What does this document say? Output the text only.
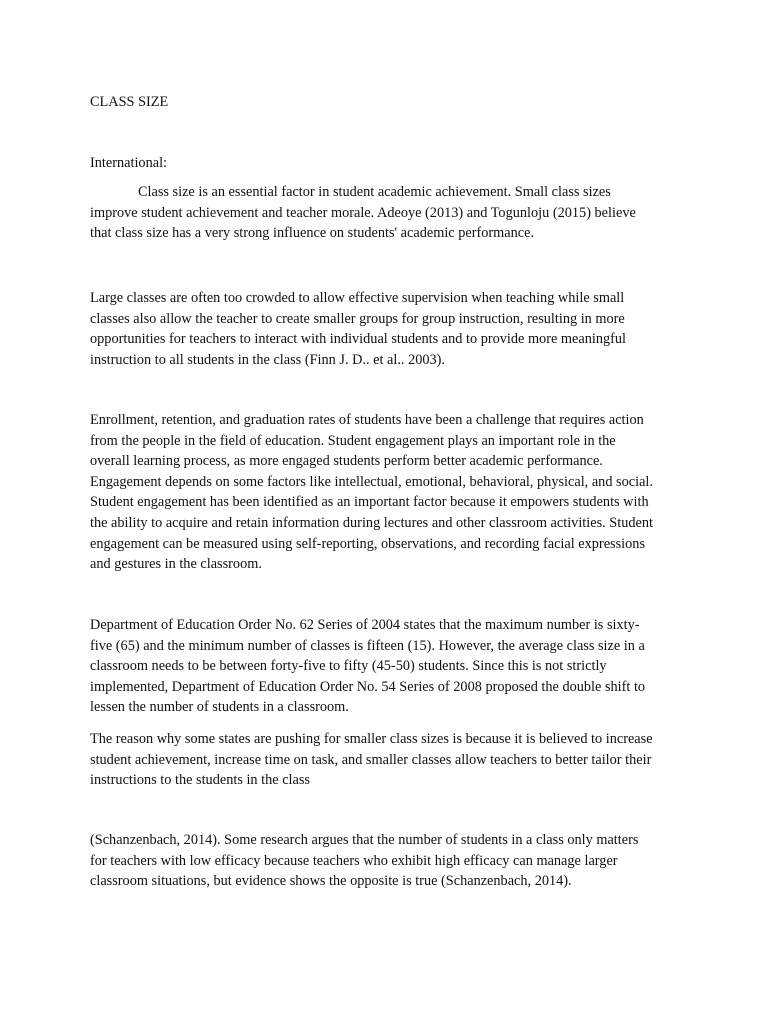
CLASS SIZE
International:

Class size is an essential factor in student academic achievement. Small class sizes improve student achievement and teacher morale. Adeoye (2013) and Togunloju (2015) believe that class size has a very strong influence on students' academic performance.

Large classes are often too crowded to allow effective supervision when teaching while small classes also allow the teacher to create smaller groups for group instruction, resulting in more opportunities for teachers to interact with individual students and to provide more meaningful instruction to all students in the class (Finn J. D.. et al.. 2003).

Enrollment, retention, and graduation rates of students have been a challenge that requires action from the people in the field of education. Student engagement plays an important role in the overall learning process, as more engaged students perform better academic performance. Engagement depends on some factors like intellectual, emotional, behavioral, physical, and social. Student engagement has been identified as an important factor because it empowers students with the ability to acquire and retain information during lectures and other classroom activities. Student engagement can be measured using self-reporting, observations, and recording facial expressions and gestures in the classroom.

Department of Education Order No. 62 Series of 2004 states that the maximum number is sixty-five (65) and the minimum number of classes is fifteen (15). However, the average class size in a classroom needs to be between forty-five to fifty (45-50) students. Since this is not strictly implemented, Department of Education Order No. 54 Series of 2008 proposed the double shift to lessen the number of students in a classroom.

The reason why some states are pushing for smaller class sizes is because it is believed to increase student achievement, increase time on task, and smaller classes allow teachers to better tailor their instructions to the students in the class

(Schanzenbach, 2014). Some research argues that the number of students in a class only matters for teachers with low efficacy because teachers who exhibit high efficacy can manage larger classroom situations, but evidence shows the opposite is true (Schanzenbach, 2014).
